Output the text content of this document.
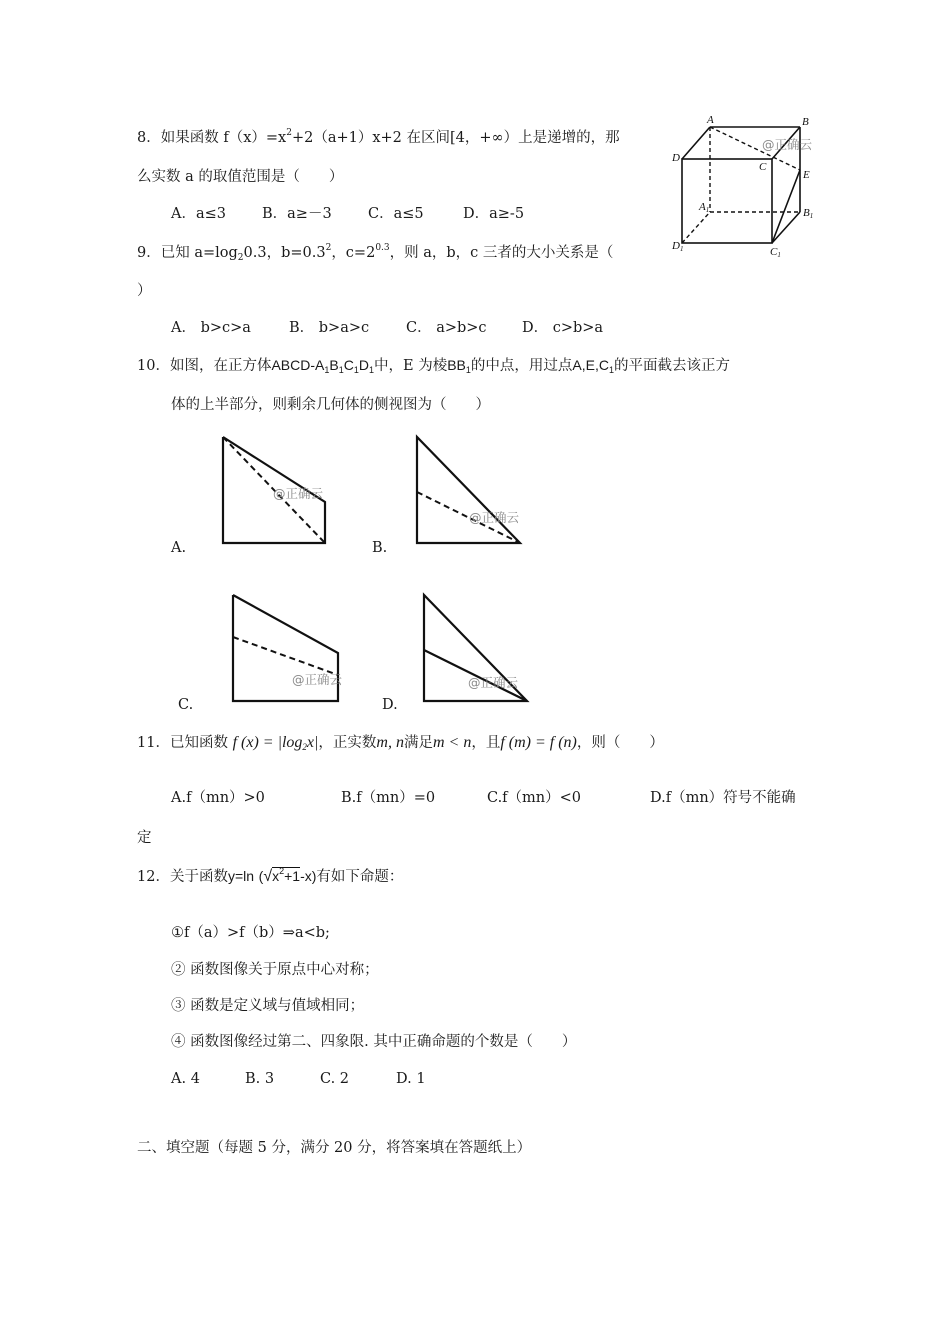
8．如果函数 $f(x)=x^2+2(a+1)x+2$ 在区间[4，+∞）上是递增的，那
么实数 a 的取值范围是（　　）
A．a≤3 B．a≥－3	C．a≤5	D．a≥-5
A	B
D
C
E
A1	B1
D1	C1
@正确云
9．已知 $a=\log_20.3$，$b=0.3^2$，$c=2^{0.3}$，则 a，b，c 三者的大小关系是（
）
A． b>c>a	B． b>a>c	C． a>b>c D． c>b>a
10．如图，在正方体ABCD-$A_1B_1C_1D_1$中，E 为棱$BB_1$的中点，用过点$A,E,C_1$的平面截去该正方
体的上半部分，则剩余几何体的侧视图为（　　）
A.
@正确云
B.
@正确云
C.
@正确云
D.
@正确云
11．已知函数 f $(x) = |\log_2x|$，正实数m, n满足m < n，且f (m) = f (n)，则（　　）
A.f（mn）>0	B.f（mn）=0	C.f（mn）<0	D.f（mn）符号不能确
定
12．关于函数y=ln $(√x^2+1-x)$有如下命题：
①f（a）>f（b）⇒a<b;
② 函数图像关于原点中心对称；
③ 函数是定义域与值域相同；
④ 函数图像经过第二、四象限. 其中正确命题的个数是（　　）
A. 4	B. 3	C. 2	D. 1
二、填空题（每题 5 分，满分 20 分，将答案填在答题纸上）
